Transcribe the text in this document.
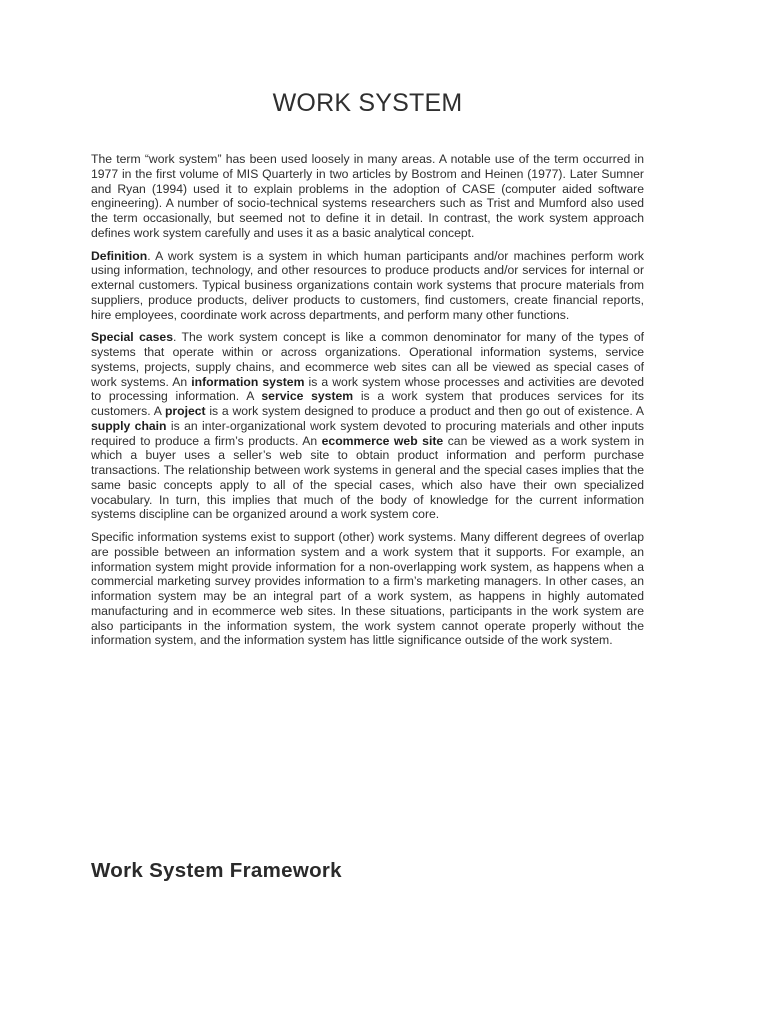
WORK SYSTEM

The term “work system” has been used loosely in many areas. A notable use of the term occurred in 1977 in the first volume of MIS Quarterly in two articles by Bostrom and Heinen (1977). Later Sumner and Ryan (1994) used it to explain problems in the adoption of CASE (computer aided software engineering). A number of socio-technical systems researchers such as Trist and Mumford also used the term occasionally, but seemed not to define it in detail. In contrast, the work system approach defines work system carefully and uses it as a basic analytical concept.

Definition. A work system is a system in which human participants and/or machines perform work using information, technology, and other resources to produce products and/or services for internal or external customers. Typical business organizations contain work systems that procure materials from suppliers, produce products, deliver products to customers, find customers, create financial reports, hire employees, coordinate work across departments, and perform many other functions.

Special cases. The work system concept is like a common denominator for many of the types of systems that operate within or across organizations. Operational information systems, service systems, projects, supply chains, and ecommerce web sites can all be viewed as special cases of work systems. An information system is a work system whose processes and activities are devoted to processing information. A service system is a work system that produces services for its customers. A project is a work system designed to produce a product and then go out of existence. A supply chain is an inter-organizational work system devoted to procuring materials and other inputs required to produce a firm’s products. An ecommerce web site can be viewed as a work system in which a buyer uses a seller’s web site to obtain product information and perform purchase transactions. The relationship between work systems in general and the special cases implies that the same basic concepts apply to all of the special cases, which also have their own specialized vocabulary. In turn, this implies that much of the body of knowledge for the current information systems discipline can be organized around a work system core.

Specific information systems exist to support (other) work systems. Many different degrees of overlap are possible between an information system and a work system that it supports. For example, an information system might provide information for a non-overlapping work system, as happens when a commercial marketing survey provides information to a firm’s marketing managers. In other cases, an information system may be an integral part of a work system, as happens in highly automated manufacturing and in ecommerce web sites. In these situations, participants in the work system are also participants in the information system, the work system cannot operate properly without the information system, and the information system has little significance outside of the work system.

Work System Framework
